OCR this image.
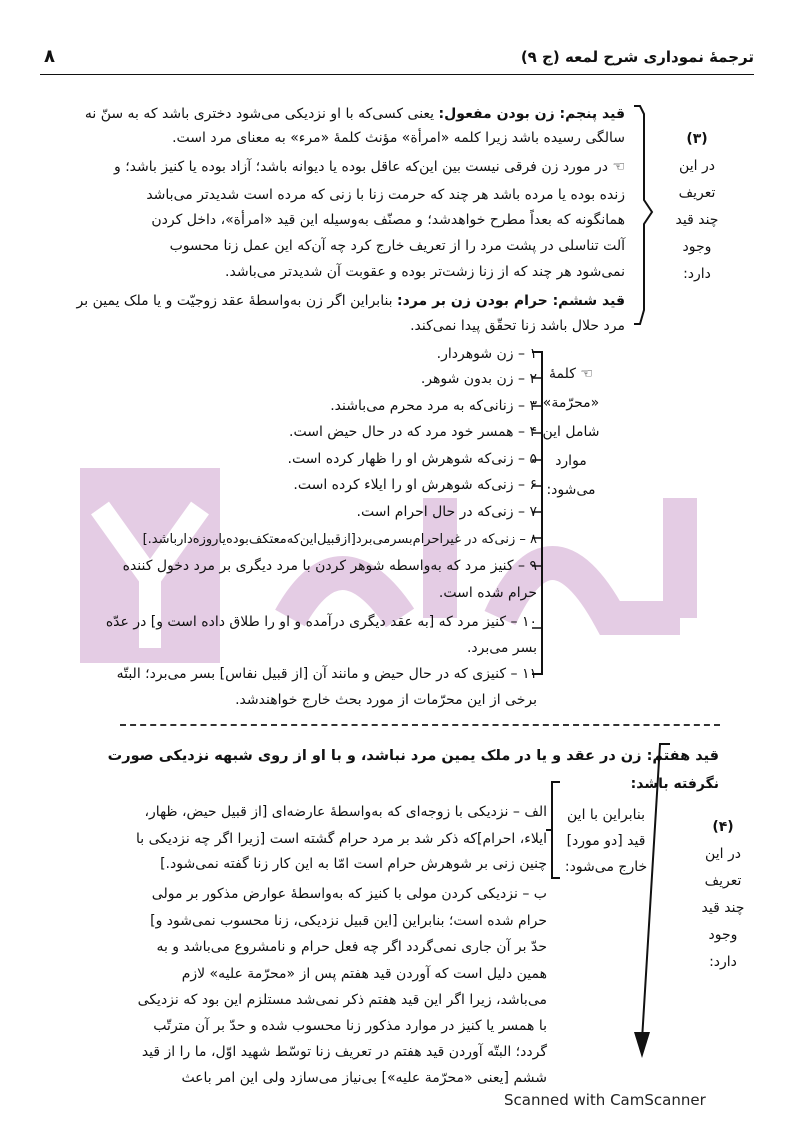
ترجمهٔ نموداری شرح لمعه (ج ۹)
۸
(۳)
در این
تعریف
چند قید
وجود
دارد:
قید پنجم: زن بودن مفعول: یعنی کسی‌که با او نزدیکی می‌شود دختری باشد که به سنّ نه
سالگی رسیده باشد زیرا کلمه «امرأة» مؤنث کلمهٔ «مرء» به معنای مرد است.
☜ در مورد زن فرقی نیست بین این‌که عاقل بوده یا دیوانه باشد؛ آزاد بوده یا کنیز باشد؛ و
زنده بوده یا مرده باشد هر چند که حرمت زنا با زنی که مرده است شدیدتر می‌باشد
همانگونه که بعداً مطرح خواهدشد؛ و مصنّف به‌وسیله این قید «امرأة»، داخل کردن
آلت تناسلی در پشت مرد را از تعریف خارج کرد چه آن‌که این عمل زنا محسوب
نمی‌شود هر چند که از زنا زشت‌تر بوده و عقوبت آن شدیدتر می‌باشد.
قید ششم: حرام بودن زن بر مرد: بنابراین اگر زن به‌واسطهٔ عقد زوجیّت و یا ملک یمین بر
مرد حلال باشد زنا تحقّق پیدا نمی‌کند.
☜ کلمهٔ
«محرّمة»
شامل این
موارد
می‌شود:
۱ – زن شوهردار.
۲ – زن بدون شوهر.
۳ – زنانی‌که به مرد محرم می‌باشند.
۴ – همسر خود مرد که در حال حیض است.
۵ – زنی‌که شوهرش او را ظهار کرده است.
۶ – زنی‌که شوهرش او را ایلاء کرده است.
۷ – زنی‌که در حال احرام است.
۸ – زنی‌که در غیراحرام‌بسرمی‌برد[ازقبیل‌این‌که‌معتکف‌بوده‌یاروزه‌دارباشد.]
۹ – کنیز مرد که به‌واسطه شوهر کردن با مرد دیگری بر مرد دخول کننده
حرام شده است.
۱۰ – کنیز مرد که [به عقد دیگری درآمده و او را طلاق داده است و] در عدّه
بسر می‌برد.
۱۱ – کنیزی که در حال حیض و مانند آن [از قبیل نفاس] بسر می‌برد؛ البتّه
برخی از این محرّمات از مورد بحث خارج خواهندشد.
قید هفتم: زن در عقد و یا در ملک یمین مرد نباشد، و با او از روی شبهه نزدیکی صورت
نگرفته باشد:
بنابراین با این
قید [دو مورد]
خارج می‌شود:
(۴)
در این
تعریف
چند قید
وجود
دارد:
الف – نزدیکی با زوجه‌ای که به‌واسطهٔ عارضه‌ای [از قبیل حیض، ظهار،
ایلاء، احرام]که ذکر شد بر مرد حرام گشته است [زیرا اگر چه نزدیکی با
چنین زنی بر شوهرش حرام است امّا به این کار زنا گفته نمی‌شود.]
ب – نزدیکی کردن مولی با کنیز که به‌واسطهٔ عوارض مذکور بر مولی
حرام شده است؛ بنابراین [این قبیل نزدیکی، زنا محسوب نمی‌شود و]
حدّ بر آن جاری نمی‌گردد اگر چه فعل حرام و نامشروع می‌باشد و به
همین دلیل است که آوردن قید هفتم پس از «محرّمة علیه» لازم
می‌باشد، زیرا اگر این قید هفتم ذکر نمی‌شد مستلزم این بود که نزدیکی
با همسر یا کنیز در موارد مذکور زنا محسوب شده و حدّ بر آن مترتّب
گردد؛ البتّه آوردن قید هفتم در تعریف زنا توسّط شهید اوّل، ما را از قید
ششم [یعنی «محرّمة علیه»] بی‌نیاز می‌سازد ولی این امر باعث
Scanned with CamScanner
